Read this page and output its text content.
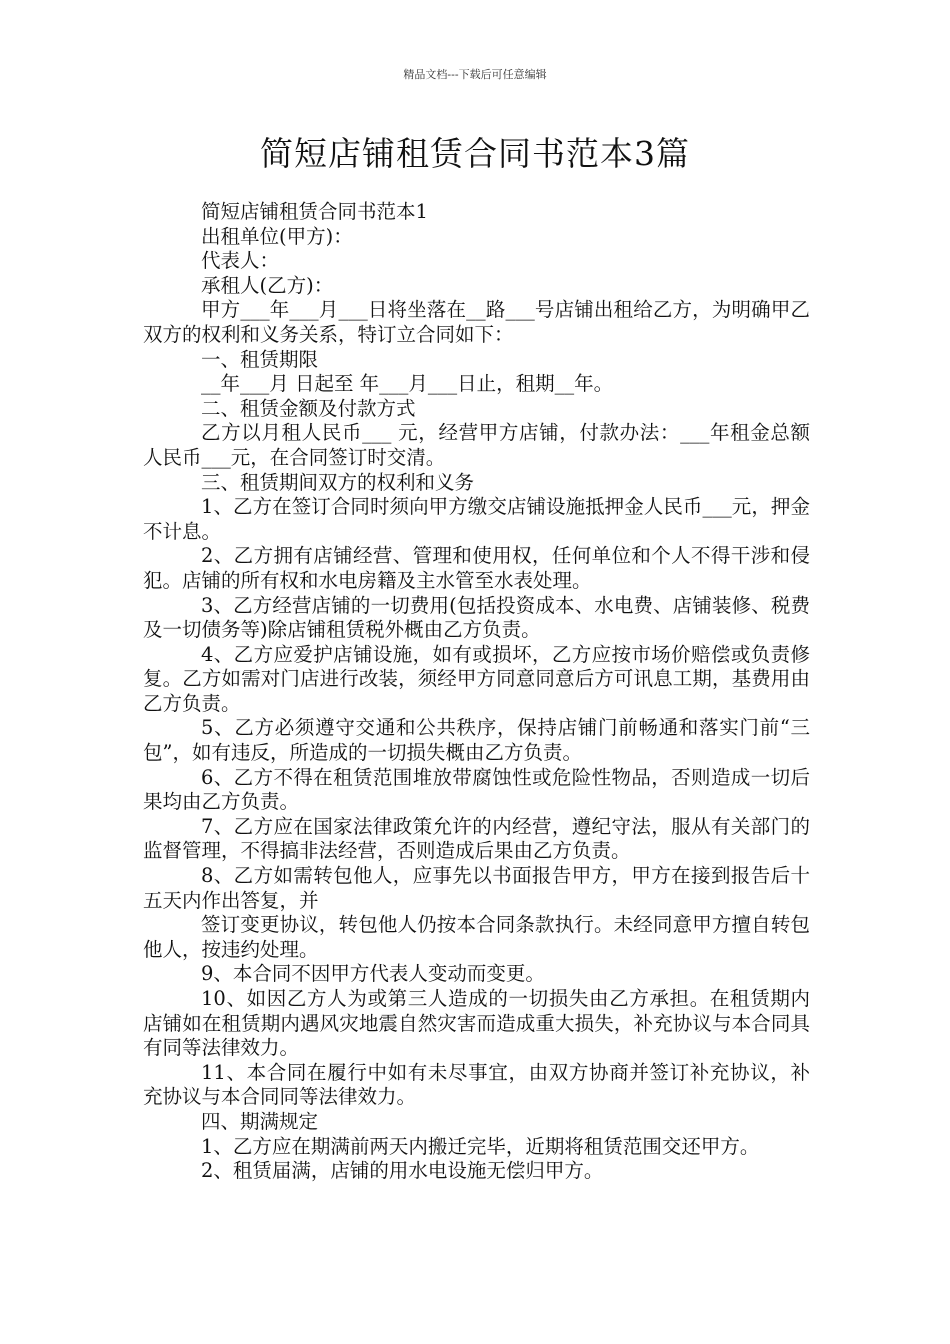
精品文档---下载后可任意编辑
简短店铺租赁合同书范本3篇

简短店铺租赁合同书范本1

出租单位(甲方)：

代表人：

承租人(乙方)：

甲方___年___月___日将坐落在__路___号店铺出租给乙方，为明确甲乙双方的权利和义务关系，特订立合同如下：

一、租赁期限

__年___月 日起至 年___月___日止，租期__年。

二、租赁金额及付款方式

乙方以月租人民币___ 元，经营甲方店铺，付款办法：___年租金总额人民币___元，在合同签订时交清。

三、租赁期间双方的权利和义务

1、乙方在签订合同时须向甲方缴交店铺设施抵押金人民币___元，押金不计息。

2、乙方拥有店铺经营、管理和使用权，任何单位和个人不得干涉和侵犯。店铺的所有权和水电房籍及主水管至水表处理。

3、乙方经营店铺的一切费用(包括投资成本、水电费、店铺装修、税费及一切债务等)除店铺租赁税外概由乙方负责。

4、乙方应爱护店铺设施，如有或损坏，乙方应按市场价赔偿或负责修复。乙方如需对门店进行改装，须经甲方同意同意后方可讯息工期，基费用由乙方负责。

5、乙方必须遵守交通和公共秩序，保持店铺门前畅通和落实门前“三包”，如有违反，所造成的一切损失概由乙方负责。

6、乙方不得在租赁范围堆放带腐蚀性或危险性物品，否则造成一切后果均由乙方负责。

7、乙方应在国家法律政策允许的内经营，遵纪守法，服从有关部门的监督管理，不得搞非法经营，否则造成后果由乙方负责。

8、乙方如需转包他人，应事先以书面报告甲方，甲方在接到报告后十五天内作出答复，并

签订变更协议，转包他人仍按本合同条款执行。未经同意甲方擅自转包他人，按违约处理。

9、本合同不因甲方代表人变动而变更。

10、如因乙方人为或第三人造成的一切损失由乙方承担。在租赁期内店铺如在租赁期内遇风灾地震自然灾害而造成重大损失，补充协议与本合同具有同等法律效力。

11、本合同在履行中如有未尽事宜，由双方协商并签订补充协议，补充协议与本合同同等法律效力。

四、期满规定

1、乙方应在期满前两天内搬迁完毕，近期将租赁范围交还甲方。

2、租赁届满，店铺的用水电设施无偿归甲方。
